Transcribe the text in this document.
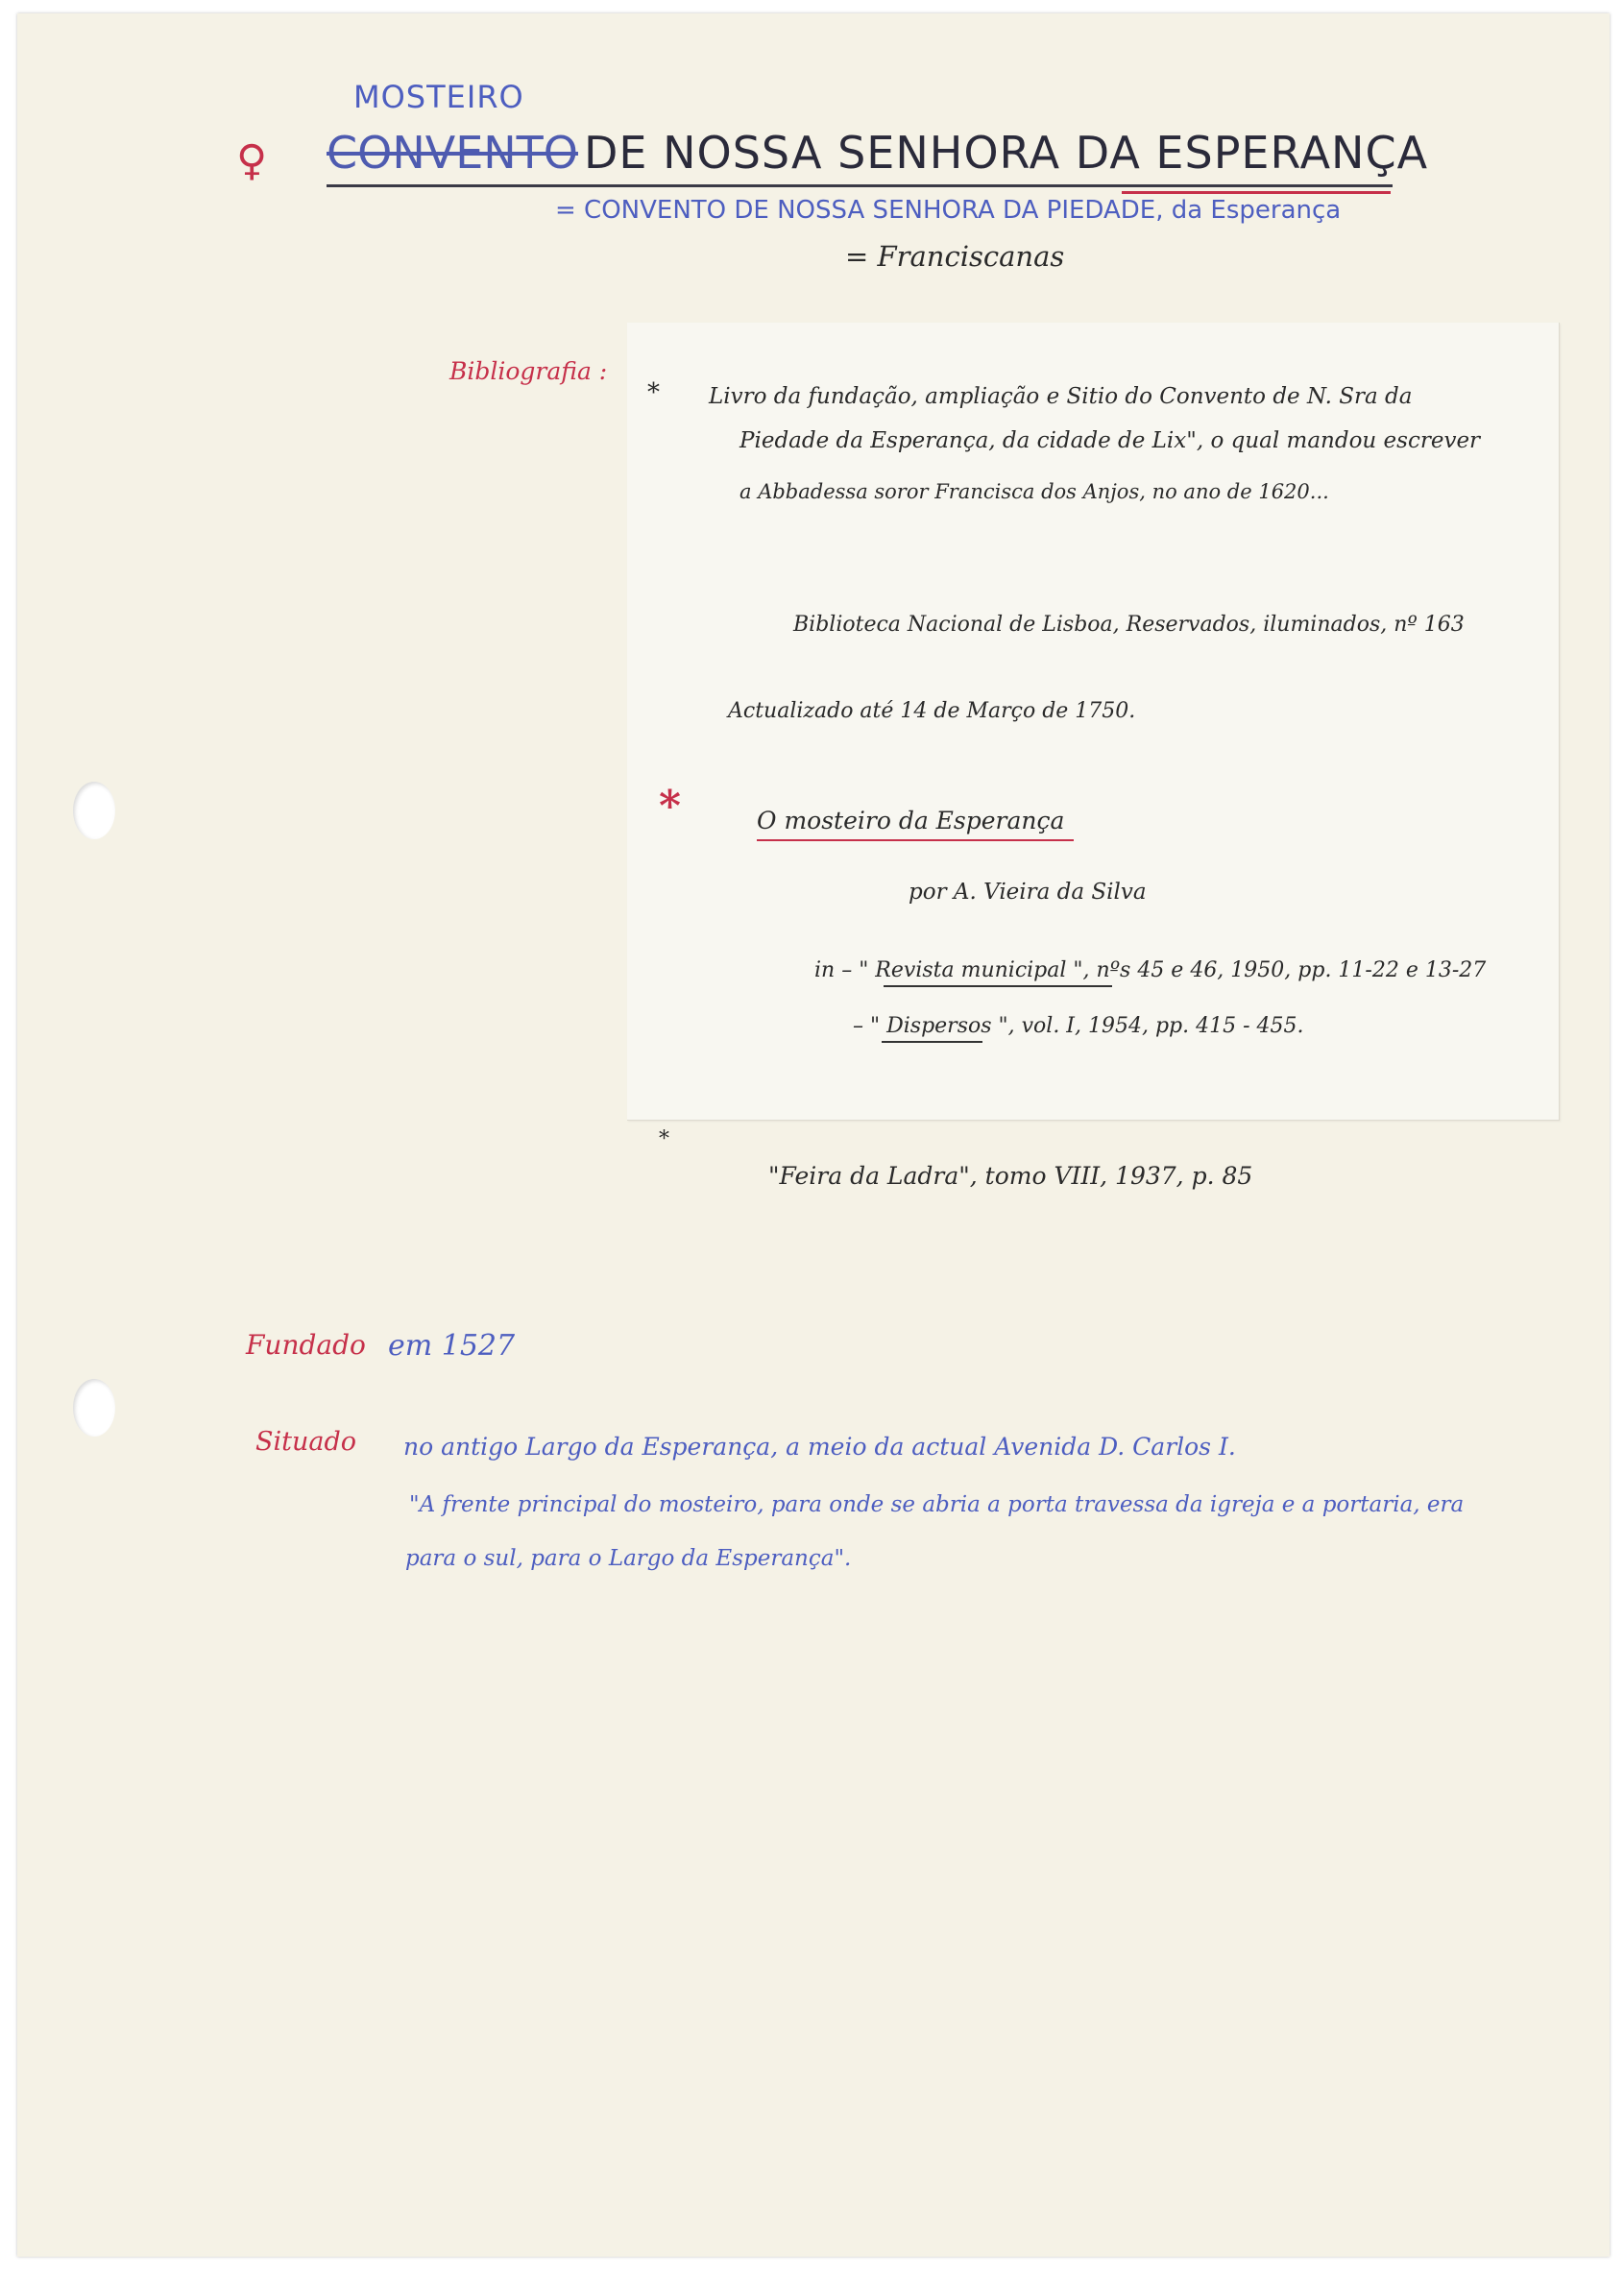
♀
MOSTEIRO
CONVENTO DE NOSSA SENHORA DA ESPERANÇA
= CONVENTO DE NOSSA SENHORA DA PIEDADE, da Esperança
= Franciscanas
Bibliografia :
* Livro da fundação, ampliação e Sitio do Convento de N. Sra da
Piedade da Esperança, da cidade de Lix", o qual mandou escrever
a Abbadessa soror Francisca dos Anjos, no ano de 1620...
Biblioteca Nacional de Lisboa, Reservados, iluminados, nº 163
Actualizado até 14 de Março de 1750.
*	O mosteiro da Esperança
por A. Vieira da Silva
in – " Revista municipal ", nºs 45 e 46, 1950, pp. 11-22 e 13-27
– " Dispersos ", vol. I, 1954, pp. 415 - 455.
*
"Feira da Ladra", tomo VIII, 1937, p. 85
Fundado em 1527
Situado no antigo Largo da Esperança, a meio da actual Avenida D. Carlos I.
"A frente principal do mosteiro, para onde se abria a porta travessa da igreja e a portaria, era
para o sul, para o Largo da Esperança".
